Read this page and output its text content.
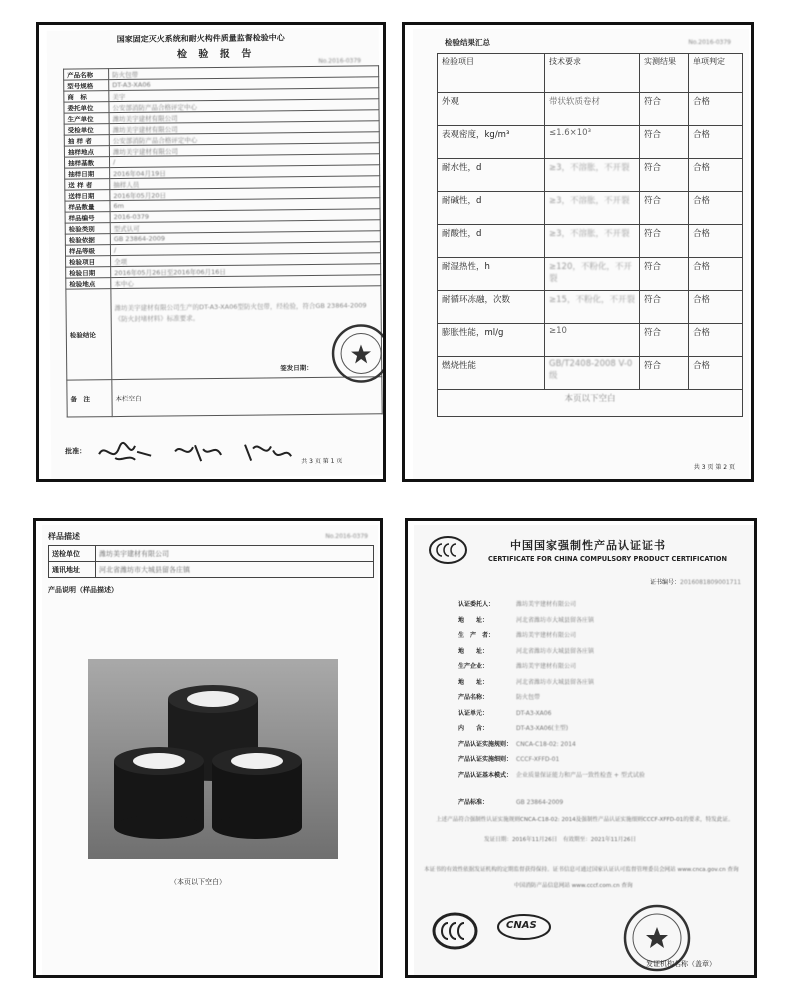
国家固定灭火系统和耐火构件质量监督检验中心
检 验 报 告
No.2016-0379
产品名称	防火包带
型号规格	DT-A3-XA06
商　标	美宇
委托单位	公安部消防产品合格评定中心
生产单位	潍坊美宇建材有限公司
受检单位	潍坊美宇建材有限公司
抽 样 者	公安部消防产品合格评定中心
抽样地点	潍坊美宇建材有限公司
抽样基数	/
抽样日期	2016年04月19日
送 样 者	抽样人员
送样日期	2016年05月20日
样品数量	6m
样品编号	2016-0379
检验类别	型式认可
检验依据	GB 23864-2009
样品等级	/
检验项目	全项
检验日期	2016年05月26日至2016年06月16日
检验地点	本中心
检验结论	潍坊美宇建材有限公司生产的DT-A3-XA06型防火包带，经检验，符合GB 23864-2009《防火封堵材料》标准要求。
签发日期：

备　注	本栏空白
批准：
共 3 页 第 1 页
检验结果汇总	No.2016-0379
检验项目	技术要求	实测结果	单项判定
外观	带状软质卷材	符合	合格
表观密度，kg/m³	≤1.6×10³	符合	合格
耐水性，d	≥3，不溶胀，不开裂	符合	合格
耐碱性，d	≥3，不溶胀，不开裂	符合	合格
耐酸性，d	≥3，不溶胀，不开裂	符合	合格
耐湿热性，h	≥120，不粉化，不开裂	符合	合格
耐循环冻融，次数	≥15，不粉化，不开裂	符合	合格
膨胀性能，ml/g	≥10	符合	合格
燃烧性能	GB/T2408-2008 V-0级	符合	合格
本页以下空白			
共 3 页 第 2 页
样品描述	No.2016-0379
送检单位	潍坊美宇建材有限公司
通讯地址	河北省潍坊市大城县留各庄镇
产品说明（样品描述）
（本页以下空白）
中国国家强制性产品认证证书
CERTIFICATE FOR CHINA COMPULSORY PRODUCT CERTIFICATION
证书编号：2016081809001711
认证委托人：	潍坊美宇建材有限公司
地　　址：	河北省潍坊市大城县留各庄镇
生　产　者：	潍坊美宇建材有限公司
地　　址：	河北省潍坊市大城县留各庄镇
生产企业：	潍坊美宇建材有限公司
地　　址：	河北省潍坊市大城县留各庄镇
产品名称：	防火包带
认证单元：	DT-A3-XA06
内　　含：	DT-A3-XA06(主型)
产品认证实施规则： CNCA-C18-02: 2014
产品认证实施细则： CCCF-XFFD-01
产品认证基本模式： 企业质量保证能力和产品一致性检查 + 型式试验
产品标准：	GB 23864-2009
上述产品符合强制性认证实施规则CNCA-C18-02: 2014及强制性产品认证实施细则CCCF-XFFD-01的要求，特发此证。
发证日期：2016年11月26日　有效期至：2021年11月26日
本证书的有效性依据发证机构的定期监督获得保持。证书信息可通过国家认证认可监督管理委员会网站 www.cnca.gov.cn 查询
中国消防产品信息网站 www.cccf.com.cn 查询
CNAS
发证机构名称（盖章）
